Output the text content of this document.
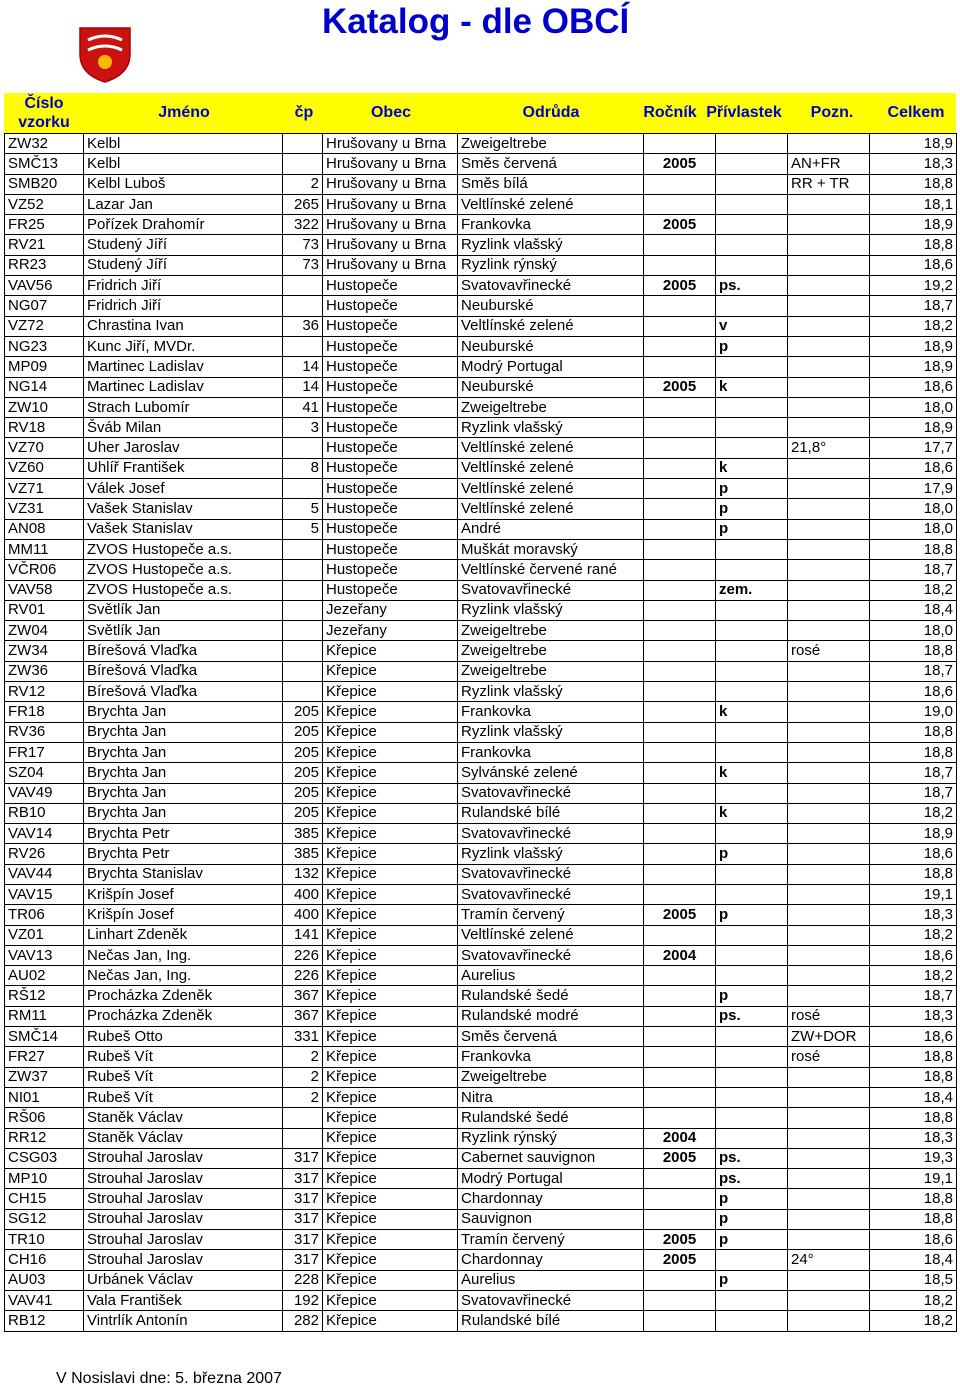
ČZS NOSISLAV	Katalog - dle OBCÍ	Výstava vín
NOSISLAV
2007
Číslo
vzorku
Jméno	čp	Obec	Odrůda	Ročník Přívlastek	Pozn.	Celkem
ZW32	Kelbl		Hrušovany u Brna	Zweigeltrebe				18,9
SMČ13	Kelbl		Hrušovany u Brna	Směs červená	2005		AN+FR	18,3
SMB20	Kelbl Luboš	2	Hrušovany u Brna	Směs bílá			RR + TR	18,8
VZ52	Lazar Jan	265	Hrušovany u Brna	Veltlínské zelené				18,1
FR25	Pořízek Drahomír	322	Hrušovany u Brna	Frankovka	2005			18,9
RV21	Studený Jíří	73	Hrušovany u Brna	Ryzlink vlašský				18,8
RR23	Studený Jíří	73	Hrušovany u Brna	Ryzlink rýnský				18,6
VAV56	Fridrich Jiří		Hustopeče	Svatovavřinecké	2005	ps.		19,2
NG07	Fridrich Jiří		Hustopeče	Neuburské				18,7
VZ72	Chrastina Ivan	36	Hustopeče	Veltlínské zelené		v		18,2
NG23	Kunc Jiří, MVDr.		Hustopeče	Neuburské		p		18,9
MP09	Martinec Ladislav	14	Hustopeče	Modrý Portugal				18,9
NG14	Martinec Ladislav	14	Hustopeče	Neuburské	2005	k		18,6
ZW10	Strach Lubomír	41	Hustopeče	Zweigeltrebe				18,0
RV18	Šváb Milan	3	Hustopeče	Ryzlink vlašský				18,9
VZ70	Uher Jaroslav		Hustopeče	Veltlínské zelené			21,8°	17,7
VZ60	Uhlíř František	8	Hustopeče	Veltlínské zelené		k		18,6
VZ71	Válek Josef		Hustopeče	Veltlínské zelené		p		17,9
VZ31	Vašek Stanislav	5	Hustopeče	Veltlínské zelené		p		18,0
AN08	Vašek Stanislav	5	Hustopeče	André		p		18,0
MM11	ZVOS Hustopeče a.s.		Hustopeče	Muškát moravský				18,8
VČR06	ZVOS Hustopeče a.s.		Hustopeče	Veltlínské červené rané				18,7
VAV58	ZVOS Hustopeče a.s.		Hustopeče	Svatovavřinecké		zem.		18,2
RV01	Světlík Jan		Jezeřany	Ryzlink vlašský				18,4
ZW04	Světlík Jan		Jezeřany	Zweigeltrebe				18,0
ZW34	Bírešová Vlaďka		Křepice	Zweigeltrebe			rosé	18,8
ZW36	Bírešová Vlaďka		Křepice	Zweigeltrebe				18,7
RV12	Bírešová Vlaďka		Křepice	Ryzlink vlašský				18,6
FR18	Brychta Jan	205	Křepice	Frankovka		k		19,0
RV36	Brychta Jan	205	Křepice	Ryzlink vlašský				18,8
FR17	Brychta Jan	205	Křepice	Frankovka				18,8
SZ04	Brychta Jan	205	Křepice	Sylvánské zelené		k		18,7
VAV49	Brychta Jan	205	Křepice	Svatovavřinecké				18,7
RB10	Brychta Jan	205	Křepice	Rulandské bílé		k		18,2
VAV14	Brychta Petr	385	Křepice	Svatovavřinecké				18,9
RV26	Brychta Petr	385	Křepice	Ryzlink vlašský		p		18,6
VAV44	Brychta Stanislav	132	Křepice	Svatovavřinecké				18,8
VAV15	Krišpín Josef	400	Křepice	Svatovavřinecké				19,1
TR06	Krišpín Josef	400	Křepice	Tramín červený	2005	p		18,3
VZ01	Linhart Zdeněk	141	Křepice	Veltlínské zelené				18,2
VAV13	Nečas Jan, Ing.	226	Křepice	Svatovavřinecké	2004			18,6
AU02	Nečas Jan, Ing.	226	Křepice	Aurelius				18,2
RŠ12	Procházka Zdeněk	367	Křepice	Rulandské šedé		p		18,7
RM11	Procházka Zdeněk	367	Křepice	Rulandské modré		ps.	rosé	18,3
SMČ14	Rubeš Otto	331	Křepice	Směs červená			ZW+DOR	18,6
FR27	Rubeš Vít	2	Křepice	Frankovka			rosé	18,8
ZW37	Rubeš Vít	2	Křepice	Zweigeltrebe				18,8
NI01	Rubeš Vít	2	Křepice	Nitra				18,4
RŠ06	Staněk Václav		Křepice	Rulandské šedé				18,8
RR12	Staněk Václav		Křepice	Ryzlink rýnský	2004			18,3
CSG03	Strouhal Jaroslav	317	Křepice	Cabernet sauvignon	2005	ps.		19,3
MP10	Strouhal Jaroslav	317	Křepice	Modrý Portugal		ps.		19,1
CH15	Strouhal Jaroslav	317	Křepice	Chardonnay		p		18,8
SG12	Strouhal Jaroslav	317	Křepice	Sauvignon		p		18,8
TR10	Strouhal Jaroslav	317	Křepice	Tramín červený	2005	p		18,6
CH16	Strouhal Jaroslav	317	Křepice	Chardonnay	2005		24°	18,4
AU03	Urbánek Václav	228	Křepice	Aurelius		p		18,5
VAV41	Vala František	192	Křepice	Svatovavřinecké				18,2
RB12	Vintrlík Antonín	282	Křepice	Rulandské bílé				18,2
V Nosislavi dne: 5. března 2007
